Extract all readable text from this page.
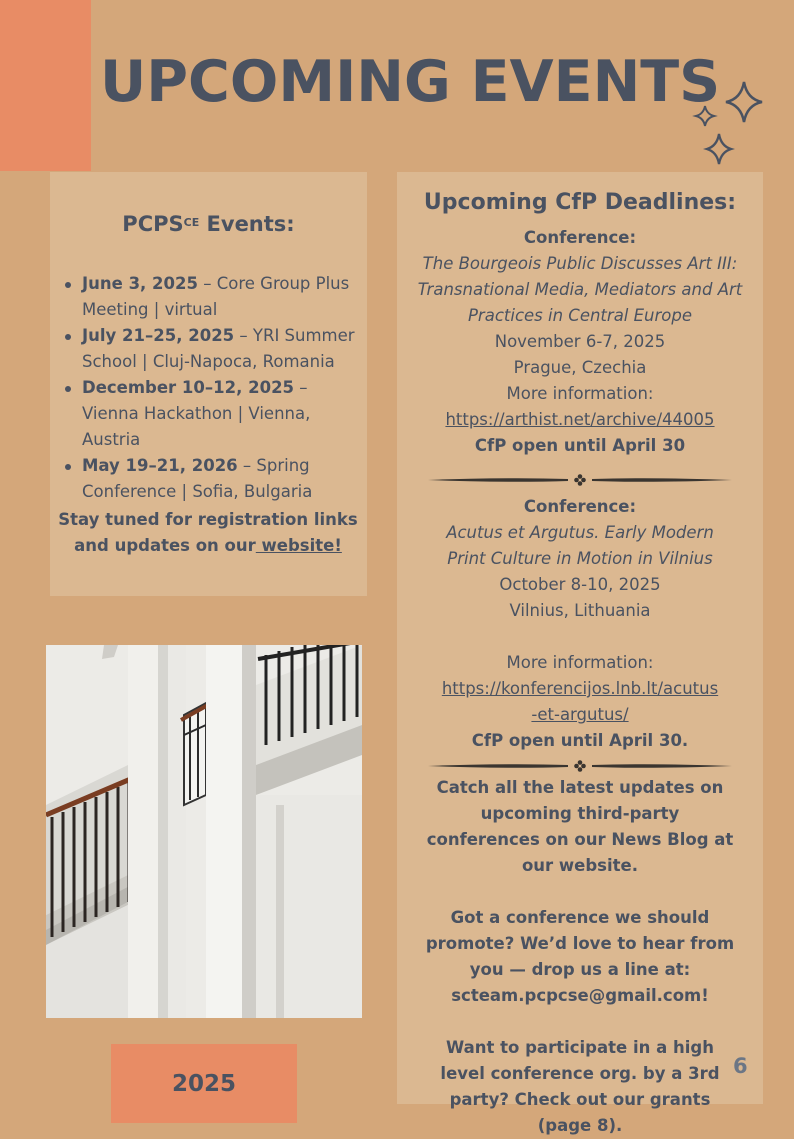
UPCOMING EVENTS
$PCPS^{CE}$ Events:
June 3, 2025 – Core Group Plus Meeting | virtual
July 21–25, 2025 – YRI Summer School | Cluj-Napoca, Romania
December 10–12, 2025 – Vienna Hackathon | Vienna, Austria
May 19–21, 2026 – Spring Conference | Sofia, Bulgaria

Stay tuned for registration links and updates on our website!

2025
Upcoming CfP Deadlines:
Conference:
The Bourgeois Public Discusses Art III: Transnational Media, Mediators and Art Practices in Central Europe
November 6-7, 2025
Prague, Czechia
More information:
https://arthist.net/archive/44005
CfP open until April 30
Conference:
Acutus et Argutus. Early Modern Print Culture in Motion in Vilnius
October 8-10, 2025
Vilnius, Lithuania
More information:
https://konferencijos.lnb.lt/acutus
-et-argutus/
CfP open until April 30.
Catch all the latest updates on upcoming third-party conferences on our News Blog at our website.
Got a conference we should promote? We’d love to hear from you — drop us a line at: scteam.pcpcse@gmail.com!
Want to participate in a high level conference org. by a 3rd party? Check out our grants (page 8).
6
